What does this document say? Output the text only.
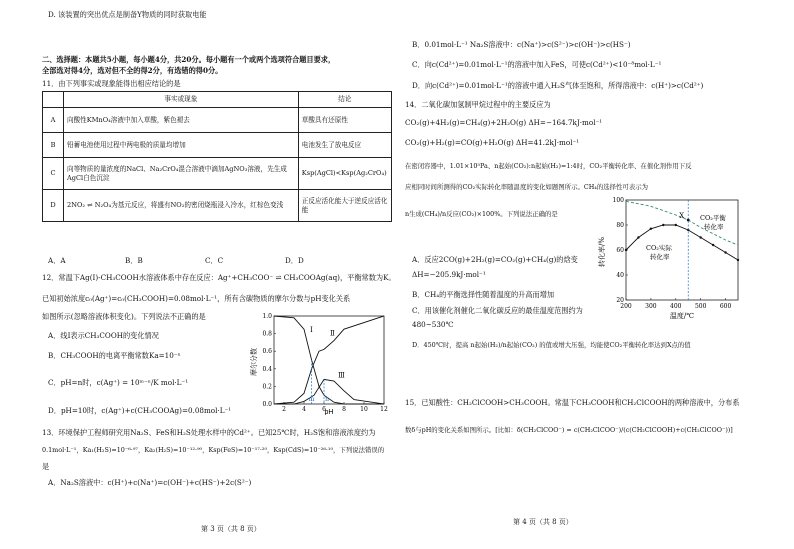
D. 该装置的突出优点是制备Y物质的同时获取电能
二、选择题：本题共5小题，每小题4分，共20分。每小题有一个或两个选项符合题目要求，
全部选对得4分，选对但不全的得2分，有选错的得0分。
11．由下列事实或现象能得出相应结论的是
	事实或现象	结论
A	向酸性KMnO₄溶液中加入草酸，紫色褪去	草酸具有还原性
B	铅蓄电池使用过程中两电极的质量均增加	电池发生了放电反应
C	向等物质的量浓度的NaCl、Na₂CrO₄混合溶液中滴加AgNO₃溶液，先生成AgCl白色沉淀	Ksp(AgCl)<Ksp(Ag₂CrO₄)
D	2NO₂ ⇌ N₂O₄为基元反应，将盛有NO₂的密闭烧瓶浸入冷水，红棕色变浅	正反应活化能大于逆反应活化能
A．A	B．B	C．C	D．D
12．常温下Ag(Ⅰ)-CH₃COOH水溶液体系中存在反应：Ag⁺+CH₃COO⁻ ⇌ CH₃COOAg(aq)，平衡常数为K。
已知初始浓度c₀(Ag⁺)=c₀(CH₃COOH)=0.08mol·L⁻¹，所有含碳物质的摩尔分数与pH变化关系
如图所示(忽略溶液体积变化)。下列说法不正确的是
A．线Ⅰ表示CH₃COOH的变化情况
B．CH₃COOH的电离平衡常数Ka=10⁻ⁿ
C．pH=n时，c(Ag⁺) = 10ᵐ⁻ⁿ/K mol·L⁻¹
D．pH=10时，c(Ag⁺)+c(CH₃COOAg)=0.08mol·L⁻¹
1.0
0.8
0.6
0.4
0.2
0.0
2	4	6	8 10 12
Ⅰ Ⅱ
Ⅲ
摩尔分数
pH
m n
13．环境保护工程师研究用Na₂S、FeS和H₂S处理水样中的Cd²⁺。已知25℃时，H₂S饱和溶液浓度约为
0.1mol·L⁻¹，Ka₁(H₂S)=10⁻⁶·⁹⁷，Ka₂(H₂S)=10⁻¹²·⁹⁰，Ksp(FeS)=10⁻¹⁷·²⁰，Ksp(CdS)=10⁻²⁶·¹⁰，下列说法错误的
是
A．Na₂S溶液中：c(H⁺)+c(Na⁺)=c(OH⁻)+c(HS⁻)+2c(S²⁻)
第 3 页（共 8 页）
B．0.01mol·L⁻¹ Na₂S溶液中：c(Na⁺)>c(S²⁻)>c(OH⁻)>c(HS⁻)
C．向c(Cd²⁺)=0.01mol·L⁻¹的溶液中加入FeS，可使c(Cd²⁺)<10⁻⁸mol·L⁻¹
D．向c(Cd²⁺)=0.01mol·L⁻¹的溶液中通入H₂S气体至饱和，所得溶液中：c(H⁺)>c(Cd²⁺)
14．二氧化碳加氢制甲烷过程中的主要反应为
CO₂(g)+4H₂(g)=CH₄(g)+2H₂O(g) ΔH=−164.7kJ·mol⁻¹
CO₂(g)+H₂(g)=CO(g)+H₂O(g) ΔH=41.2kJ·mol⁻¹
在密闭容器中，1.01×10⁵Pa、n起始(CO₂):n起始(H₂)=1:4时，CO₂平衡转化率、在催化剂作用下反
应相同时间所测得的CO₂实际转化率随温度的变化如题图所示。CH₄的选择性可表示为
n生成(CH₄)/n反应(CO₂)×100%。下列说法正确的是
A．反应2CO(g)+2H₂(g)=CO₂(g)+CH₄(g)的焓变
ΔH=−205.9kJ·mol⁻¹
B．CH₄的平衡选择性随着温度的升高而增加
C．用该催化剂催化二氧化碳反应的最佳温度范围约为
480~530℃
D．450℃时，提高 n起始(H₂)/n起始(CO₂) 的值或增大压强，均能使CO₂平衡转化率达到X点的值
100
80
60
40
20
200 300 400 500 600
转化率/%
温度/℃
CO₂平衡
转化率
CO₂实际
转化率
X
15．已知酸性：CH₂ClCOOH>CH₃COOH。常温下CH₃COOH和CH₂ClCOOH的两种溶液中，分布系
数δ与pH的变化关系如图所示。[比如：δ(CH₂ClCOO⁻) = c(CH₂ClCOO⁻)/(c(CH₂ClCOOH)+c(CH₂ClCOO⁻))]
第 4 页（共 8 页）
